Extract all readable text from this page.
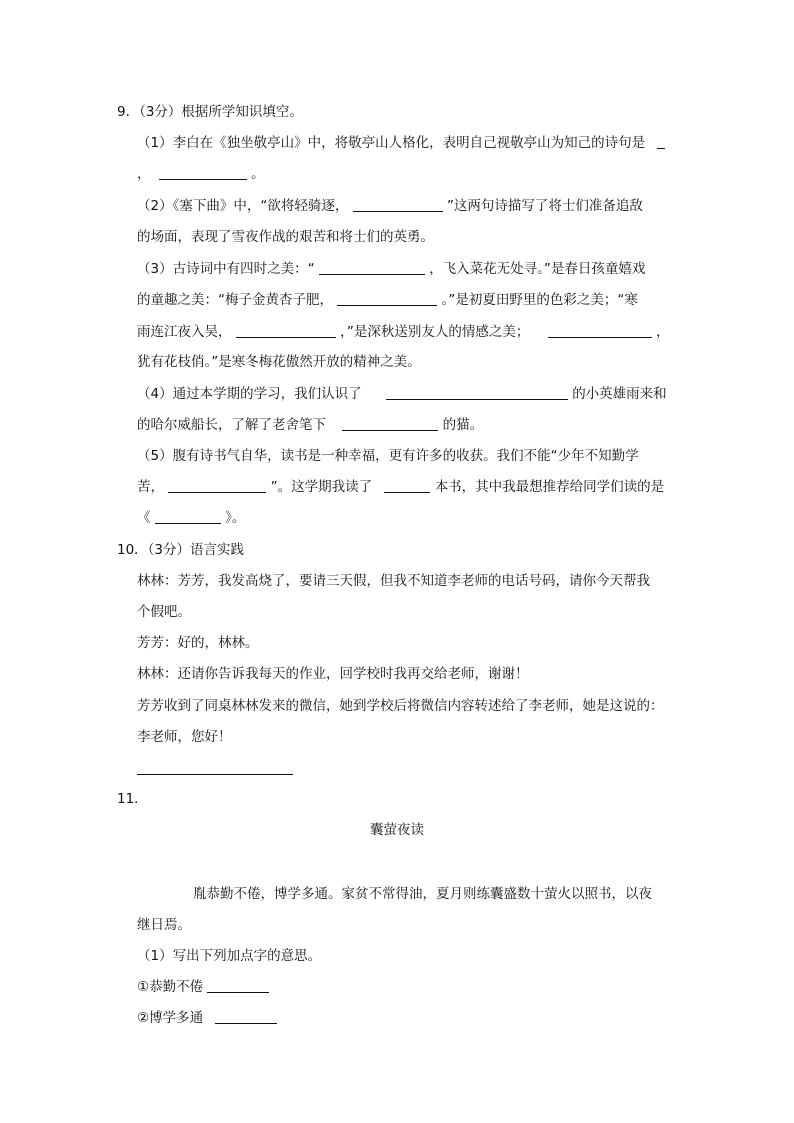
9．（3分）根据所学知识填空。
（1）李白在《独坐敬亭山》中，将敬亭山人格化，表明自己视敬亭山为知己的诗句是
，	。
（2）《塞下曲》中，“欲将轻骑逐，	”这两句诗描写了将士们准备追敌
的场面，表现了雪夜作战的艰苦和将士们的英勇。
（3）古诗词中有四时之美：“	，飞入菜花无处寻。”是春日孩童嬉戏
的童趣之美：“梅子金黄杏子肥，	。”是初夏田野里的色彩之美；“寒
雨连江夜入吴，	，”是深秋送别友人的情感之美；	，
犹有花枝俏。”是寒冬梅花傲然开放的精神之美。
（4）通过本学期的学习，我们认识了	的小英雄雨来和
的哈尔威船长，了解了老舍笔下	的猫。
（5）腹有诗书气自华，读书是一种幸福，更有许多的收获。我们不能“少年不知勤学
苦，	”。这学期我读了	本书，其中我最想推荐给同学们读的是
《	》。
10．（3分）语言实践
林林：芳芳，我发高烧了，要请三天假，但我不知道李老师的电话号码，请你今天帮我
个假吧。
芳芳：好的，林林。
林林：还请你告诉我每天的作业，回学校时我再交给老师，谢谢！
芳芳收到了同桌林林发来的微信，她到学校后将微信内容转述给了李老师，她是这说的：
李老师，您好！
11．
囊萤夜读
胤恭勤不倦，博学多通。家贫不常得油，夏月则练囊盛数十萤火以照书，以夜
继日焉。
（1）写出下列加点字的意思。
①恭勤不倦
②博学多通
